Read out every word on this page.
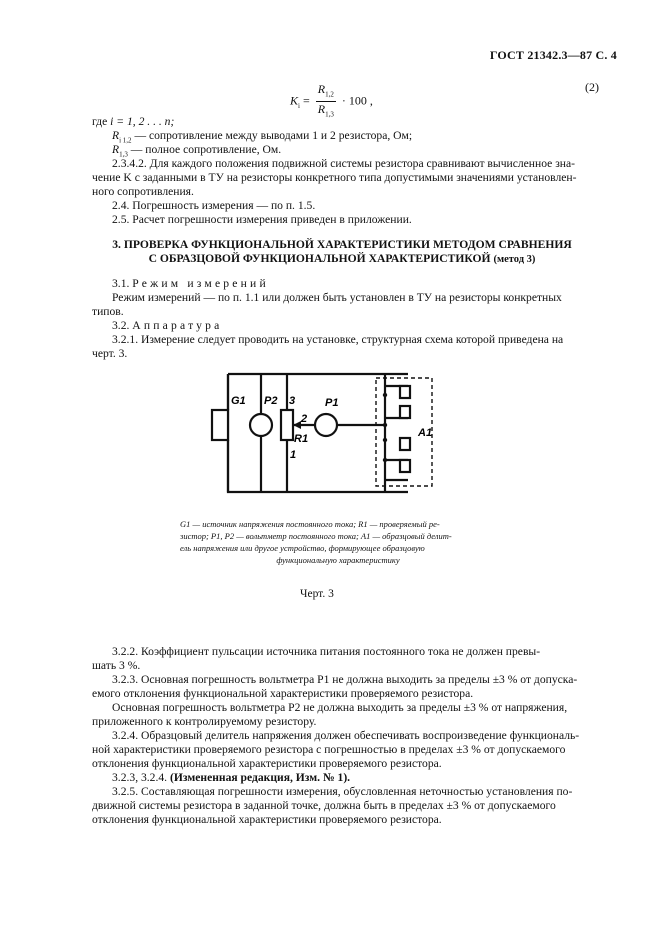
ГОСТ 21342.3—87 С. 4
$K_i = \frac{R_{1,2}}{R_{1,3}} \cdot 100$ ,
(2)

где i = 1, 2 . . . n;

$R_{i 1,2}$ — сопротивление между выводами 1 и 2 резистора, Ом;

$R_{1,3}$ — полное сопротивление, Ом.

2.3.4.2. Для каждого положения подвижной системы резистора сравнивают вычисленное зна-

чение K с заданными в ТУ на резисторы конкретного типа допустимыми значениями установлен-

ного сопротивления.

2.4. Погрешность измерения — по п. 1.5.

2.5. Расчет погрешности измерения приведен в приложении.

3. ПРОВЕРКА ФУНКЦИОНАЛЬНОЙ ХАРАКТЕРИСТИКИ МЕТОДОМ СРАВНЕНИЯ
С ОБРАЗЦОВОЙ ФУНКЦИОНАЛЬНОЙ ХАРАКТЕРИСТИКОЙ (метод 3)

3.1. Режим измерений

Режим измерений — по п. 1.1 или должен быть установлен в ТУ на резисторы конкретных

типов.

3.2. Аппаратура

3.2.1. Измерение следует проводить на установке, структурная схема которой приведена на

черт. 3.

G1 P2 3
2
R1
1
P1
A1
G1 — источник напряжения постоянного тока; R1 — проверяемый ре-
зистор; P1, P2 — вольтметр постоянного тока; A1 — образцовый делит-
ель напряжения или другое устройство, формирующее образцовую
функциональную характеристику
Черт. 3

3.2.2. Коэффициент пульсации источника питания постоянного тока не должен превы-

шать 3 %.

3.2.3. Основная погрешность вольтметра P1 не должна выходить за пределы ±3 % от допуска-

емого отклонения функциональной характеристики проверяемого резистора.

Основная погрешность вольтметра P2 не должна выходить за пределы ±3 % от напряжения,

приложенного к контролируемому резистору.

3.2.4. Образцовый делитель напряжения должен обеспечивать воспроизведение функциональ-

ной характеристики проверяемого резистора с погрешностью в пределах ±3 % от допускаемого

отклонения функциональной характеристики проверяемого резистора.

3.2.3, 3.2.4. (Измененная редакция, Изм. № 1).

3.2.5. Составляющая погрешности измерения, обусловленная неточностью установления по-

движной системы резистора в заданной точке, должна быть в пределах ±3 % от допускаемого

отклонения функциональной характеристики проверяемого резистора.
